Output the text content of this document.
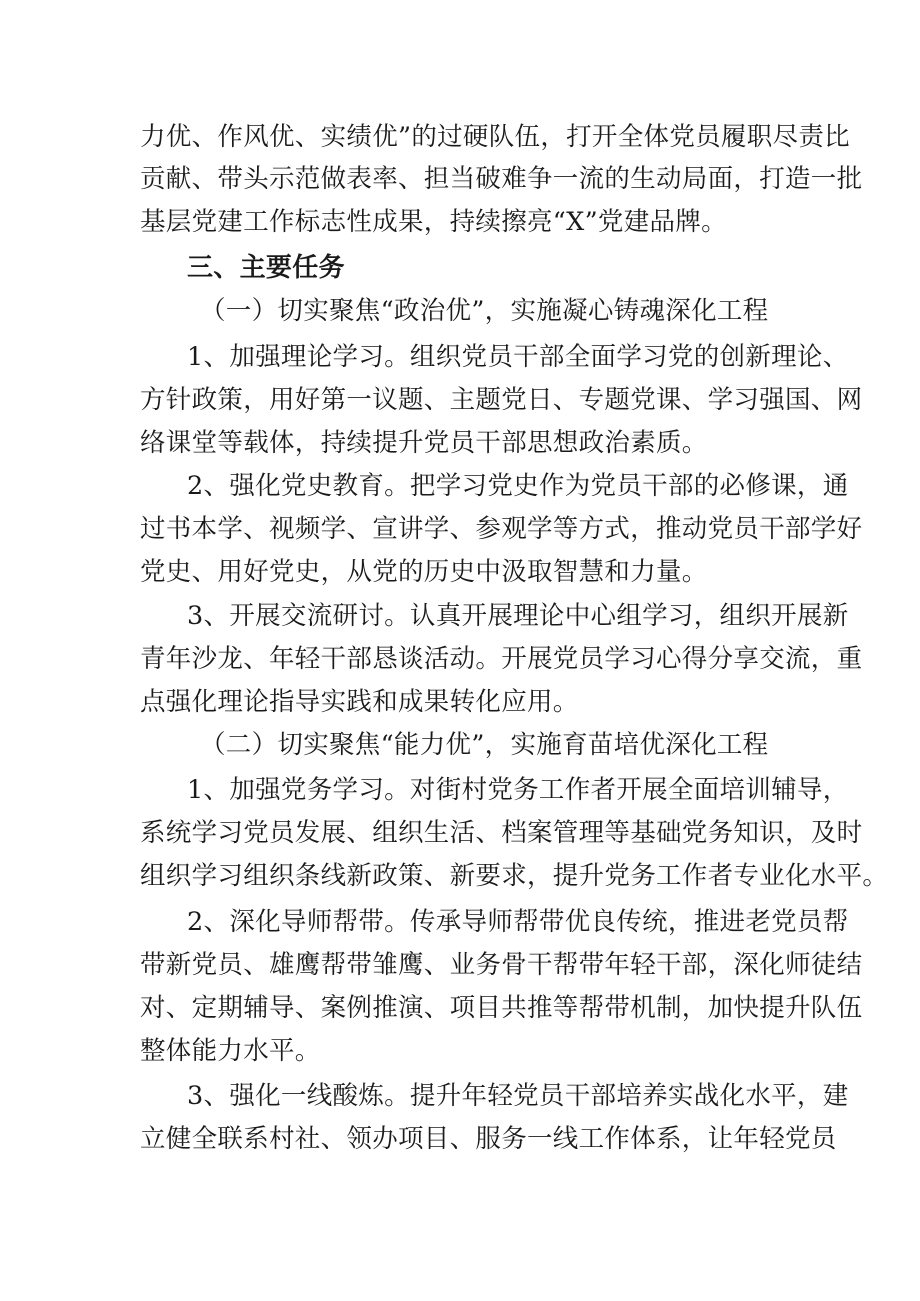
力优、作风优、实绩优”的过硬队伍，打开全体党员履职尽责比
贡献、带头示范做表率、担当破难争一流的生动局面，打造一批
基层党建工作标志性成果，持续擦亮“X”党建品牌。
三、主要任务
（一）切实聚焦“政治优”，实施凝心铸魂深化工程
1、加强理论学习。组织党员干部全面学习党的创新理论、
方针政策，用好第一议题、主题党日、专题党课、学习强国、网
络课堂等载体，持续提升党员干部思想政治素质。
2、强化党史教育。把学习党史作为党员干部的必修课，通
过书本学、视频学、宣讲学、参观学等方式，推动党员干部学好
党史、用好党史，从党的历史中汲取智慧和力量。
3、开展交流研讨。认真开展理论中心组学习，组织开展新
青年沙龙、年轻干部恳谈活动。开展党员学习心得分享交流，重
点强化理论指导实践和成果转化应用。
（二）切实聚焦“能力优”，实施育苗培优深化工程
1、加强党务学习。对街村党务工作者开展全面培训辅导，
系统学习党员发展、组织生活、档案管理等基础党务知识，及时
组织学习组织条线新政策、新要求，提升党务工作者专业化水平。
2、深化导师帮带。传承导师帮带优良传统，推进老党员帮
带新党员、雄鹰帮带雏鹰、业务骨干帮带年轻干部，深化师徒结
对、定期辅导、案例推演、项目共推等帮带机制，加快提升队伍
整体能力水平。
3、强化一线酸炼。提升年轻党员干部培养实战化水平，建
立健全联系村社、领办项目、服务一线工作体系，让年轻党员
